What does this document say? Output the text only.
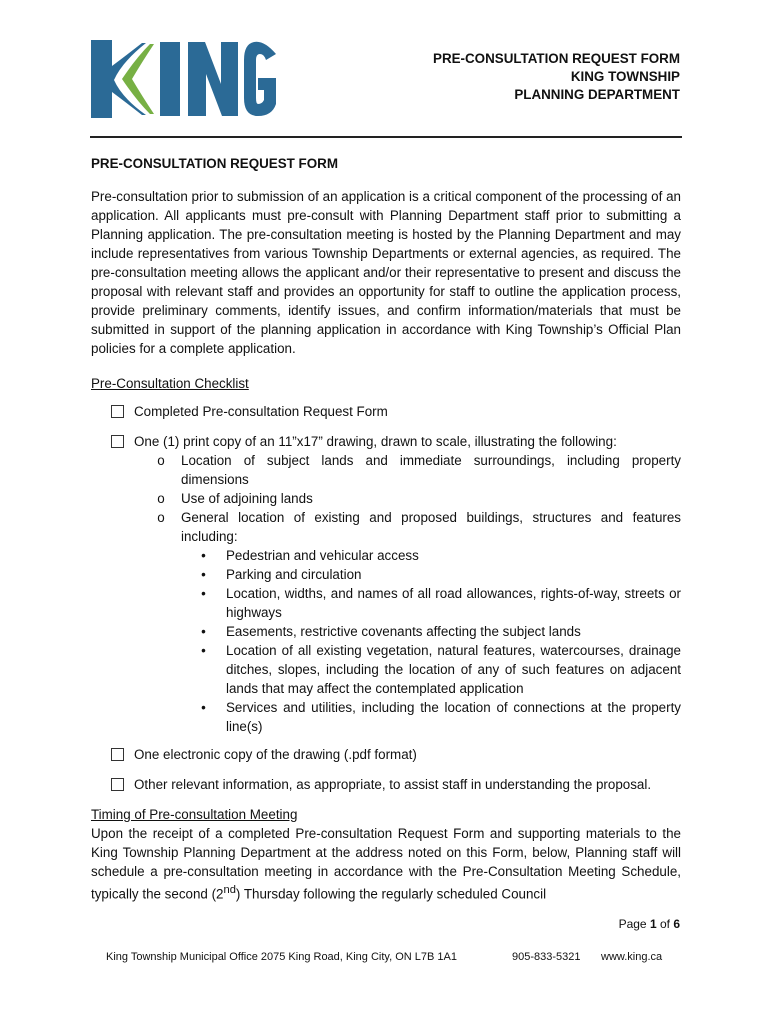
PRE-CONSULTATION REQUEST FORM
KING TOWNSHIP
PLANNING DEPARTMENT
PRE-CONSULTATION REQUEST FORM
Pre-consultation prior to submission of an application is a critical component of the processing of an application. All applicants must pre-consult with Planning Department staff prior to submitting a Planning application. The pre-consultation meeting is hosted by the Planning Department and may include representatives from various Township Departments or external agencies, as required. The pre-consultation meeting allows the applicant and/or their representative to present and discuss the proposal with relevant staff and provides an opportunity for staff to outline the application process, provide preliminary comments, identify issues, and confirm information/materials that must be submitted in support of the planning application in accordance with King Township’s Official Plan policies for a complete application.
Pre-Consultation Checklist
Completed Pre-consultation Request Form
One (1) print copy of an 11”x17” drawing, drawn to scale, illustrating the following:
o	Location of subject lands and immediate surroundings, including property dimensions
o	Use of adjoining lands
o	General location of existing and proposed buildings, structures and features including:
•	Pedestrian and vehicular access
•	Parking and circulation
•	Location, widths, and names of all road allowances, rights-of-way, streets or highways
•	Easements, restrictive covenants affecting the subject lands
•	Location of all existing vegetation, natural features, watercourses, drainage ditches, slopes, including the location of any of such features on adjacent lands that may affect the contemplated application
•	Services and utilities, including the location of connections at the property line(s)
One electronic copy of the drawing (.pdf format)
Other relevant information, as appropriate, to assist staff in understanding the proposal.
Timing of Pre-consultation Meeting
Upon the receipt of a completed Pre-consultation Request Form and supporting materials to the King Township Planning Department at the address noted on this Form, below, Planning staff will schedule a pre-consultation meeting in accordance with the Pre-Consultation Meeting Schedule, typically the second (2nd) Thursday following the regularly scheduled Council
Page 1 of 6
King Township Municipal Office 2075 King Road, King City, ON L7B 1A1	905-833-5321 www.king.ca
